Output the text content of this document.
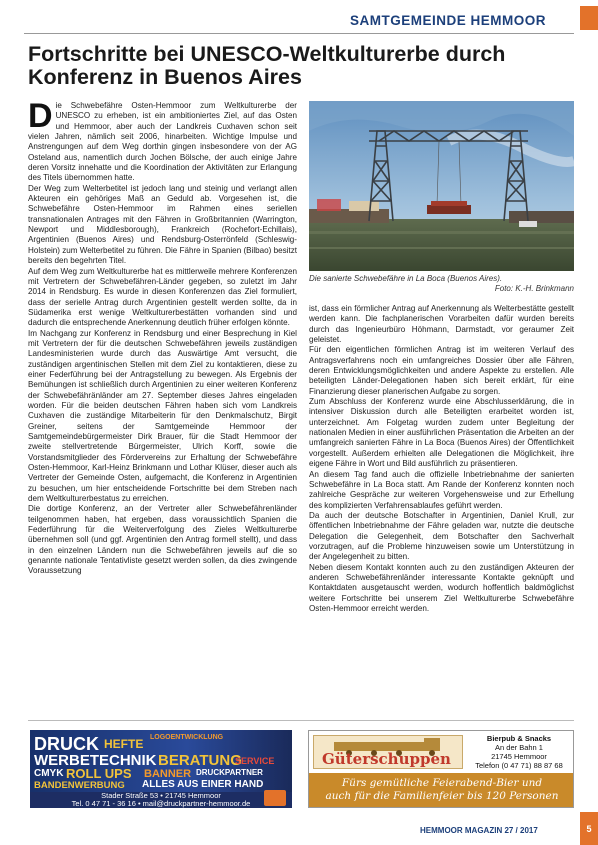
SAMTGEMEINDE HEMMOOR
Fortschritte bei UNESCO-Weltkulturerbe durch Konferenz in Buenos Aires

Die Schwebefähre Osten-Hemmoor zum Weltkulturerbe der UNESCO zu erheben, ist ein ambitioniertes Ziel, auf das Osten und Hemmoor, aber auch der Landkreis Cuxhaven schon seit vielen Jahren, nämlich seit 2006, hinarbeiten. Wichtige Impulse und Anstrengungen auf dem Weg dorthin gingen insbesondere von der AG Osteland aus, namentlich durch Jochen Bölsche, der auch einige Jahre deren Vorsitz innehatte und die Koordination der Aktivitäten zur Erlangung des Titels übernommen hatte.

Der Weg zum Welterbetitel ist jedoch lang und steinig und verlangt allen Akteuren ein gehöriges Maß an Geduld ab. Vorgesehen ist, die Schwebefähre Osten-Hemmoor im Rahmen eines seriellen transnationalen Antrages mit den Fähren in Großbritannien (Warrington, Newport und Middlesborough), Frankreich (Rochefort-Echillais), Argentinien (Buenos Aires) und Rendsburg-Osterrönfeld (Schleswig-Holstein) zum Welterbetitel zu führen. Die Fähre in Spanien (Bilbao) besitzt bereits den begehrten Titel.

Auf dem Weg zum Weltkulturerbe hat es mittlerweile mehrere Konferenzen mit Vertretern der Schwebefähren-Länder gegeben, so zuletzt im Jahr 2014 in Rendsburg. Es wurde in diesen Konferenzen das Ziel formuliert, dass der serielle Antrag durch Argentinien gestellt werden sollte, da in Südamerika erst wenige Weltkulturerbestätten vorhanden sind und dadurch die entsprechende Anerkennung deutlich früher erfolgen könnte.

Im Nachgang zur Konferenz in Rendsburg und einer Besprechung in Kiel mit Vertretern der für die deutschen Schwebefähren jeweils zuständigen Landesministerien wurde durch das Auswärtige Amt versucht, die zuständigen argentinischen Stellen mit dem Ziel zu kontaktieren, diese zu einer Federführung bei der Antragstellung zu bewegen. Als Ergebnis der Bemühungen ist schließlich durch Argentinien zu einer weiteren Konferenz der Schwebefähränländer am 27. September dieses Jahres eingeladen worden. Für die beiden deutschen Fähren haben sich vom Landkreis Cuxhaven die zuständige Mitarbeiterin für den Denkmalschutz, Birgit Greiner, seitens der Samtgemeinde Hemmoor der Samtgemeindebürgermeister Dirk Brauer, für die Stadt Hemmoor der zweite stellvertretende Bürgermeister, Ulrich Korff, sowie die Vorstandsmitglieder des Fördervereins zur Erhaltung der Schwebefähre Osten-Hemmoor, Karl-Heinz Brinkmann und Lothar Klüser, dieser auch als Vertreter der Gemeinde Osten, aufgemacht, die Konferenz in Argentinien zu besuchen, um hier entscheidende Fortschritte bei dem Streben nach dem Weltkulturerbestatus zu erreichen.

Die dortige Konferenz, an der Vertreter aller Schwebefährenländer teilgenommen haben, hat ergeben, dass voraussichtlich Spanien die Federführung für die Weiterverfolgung des Zieles Weltkulturerbe übernehmen soll (und ggf. Argentinien den Antrag formell stellt), und dass in den einzelnen Ländern nun die Schwebefähren jeweils auf die so genannte nationale Tentativliste gesetzt werden sollen, da dies zwingende Voraussetzung

Die sanierte Schwebefähre in La Boca (Buenos Aires).
Foto: K.-H. Brinkmann

ist, dass ein förmlicher Antrag auf Anerkennung als Welterbestätte gestellt werden kann. Die fachplanerischen Vorarbeiten dafür wurden bereits durch das Ingenieurbüro Höhmann, Darmstadt, vor geraumer Zeit geleistet.

Für den eigentlichen förmlichen Antrag ist im weiteren Verlauf des Antragsverfahrens noch ein umfangreiches Dossier über alle Fähren, deren Entwicklungsmöglichkeiten und andere Aspekte zu erstellen. Alle beteiligten Länder-Delegationen haben sich bereit erklärt, für eine Finanzierung dieser planerischen Aufgabe zu sorgen.

Zum Abschluss der Konferenz wurde eine Abschlusserklärung, die in intensiver Diskussion durch alle Beteiligten erarbeitet worden ist, unterzeichnet. Am Folgetag wurden zudem unter Begleitung der nationalen Medien in einer ausführlichen Präsentation die Arbeiten an der umfangreich sanierten Fähre in La Boca (Buenos Aires) der Öffentlichkeit vorgestellt. Außerdem erhielten alle Delegationen die Möglichkeit, ihre eigene Fähre in Wort und Bild ausführlich zu präsentieren.

An diesem Tag fand auch die offizielle Inbetriebnahme der sanierten Schwebefähre in La Boca statt. Am Rande der Konferenz konnten noch zahlreiche Gespräche zur weiteren Vorgehensweise und zur Erhellung des komplizierten Verfahrensablaufes geführt werden.

Da auch der deutsche Botschafter in Argentinien, Daniel Krull, zur öffentlichen Inbetriebnahme der Fähre geladen war, nutzte die deutsche Delegation die Gelegenheit, dem Botschafter den Sachverhalt vorzutragen, auf die Probleme hinzuweisen sowie um Unterstützung in der Angelegenheit zu bitten.

Neben diesem Kontakt konnten auch zu den zuständigen Akteuren der anderen Schwebefährenländer interessante Kontakte geknüpft und Kontaktdaten ausgetauscht werden, wodurch hoffentlich baldmöglichst weitere Fortschritte bei unserem Ziel Weltkulturerbe Schwebefähre Osten-Hemmoor erreicht werden.

DRUCK HEFTE LOGOENTWICKLUNG
WERBETECHNIK BERATUNG
SERVICE
CMYK ROLL UPS BANNER DRUCKPARTNER
BANDENWERBUNG ALLES AUS EINER HAND
Stader Straße 53 • 21745 Hemmoor
Tel. 0 47 71 - 36 16 • mail@druckpartner-hemmoor.de
Güterschuppen
Bierpub & Snacks
An der Bahn 1
21745 Hemmoor
Telefon (0 47 71) 88 87 68
Fürs gemütliche Feierabend-Bier und
auch für die Familienfeier bis 120 Personen
HEMMOOR MAGAZIN 27 / 2017	5
